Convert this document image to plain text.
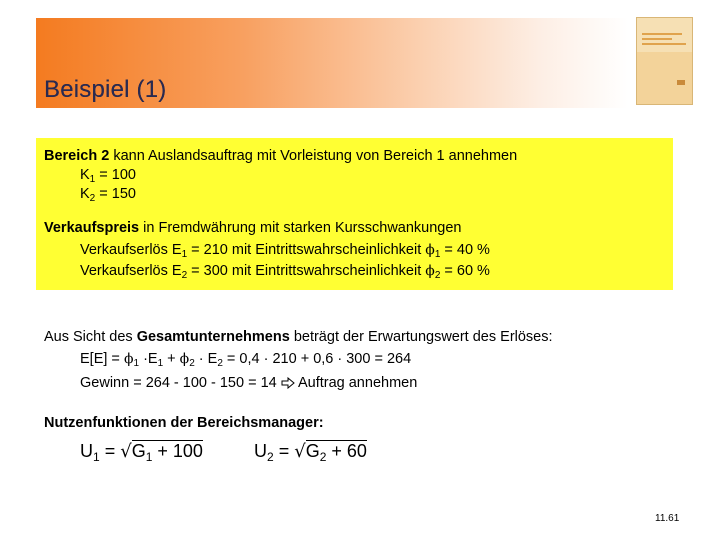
Beispiel (1)
Bereich 2 kann Auslandsauftrag mit Vorleistung von Bereich 1 annehmen
$K_1 = 100$
$K_2 = 150$
Verkaufspreis in Fremdwährung mit starken Kursschwankungen
Verkaufserlös $E_1 = 210$ mit Eintrittswahrscheinlichkeit $\phi_1 = 40$ %
Verkaufserlös $E_2 = 300$ mit Eintrittswahrscheinlichkeit $\phi_2 = 60$ %
Aus Sicht des Gesamtunternehmens beträgt der Erwartungswert des Erlöses:
$E[E] = \phi_1 \cdot E_1 + \phi_2 \cdot E_2 = 0,4 \cdot 210 + 0,6 \cdot 300 = 264$
Gewinn = 264 - 100 - 150 = 14  Auftrag annehmen
Nutzenfunktionen der Bereichsmanager:
$U_1 = √G_1 + 100$	$U_2 = √G_2 + 60$
11.61
